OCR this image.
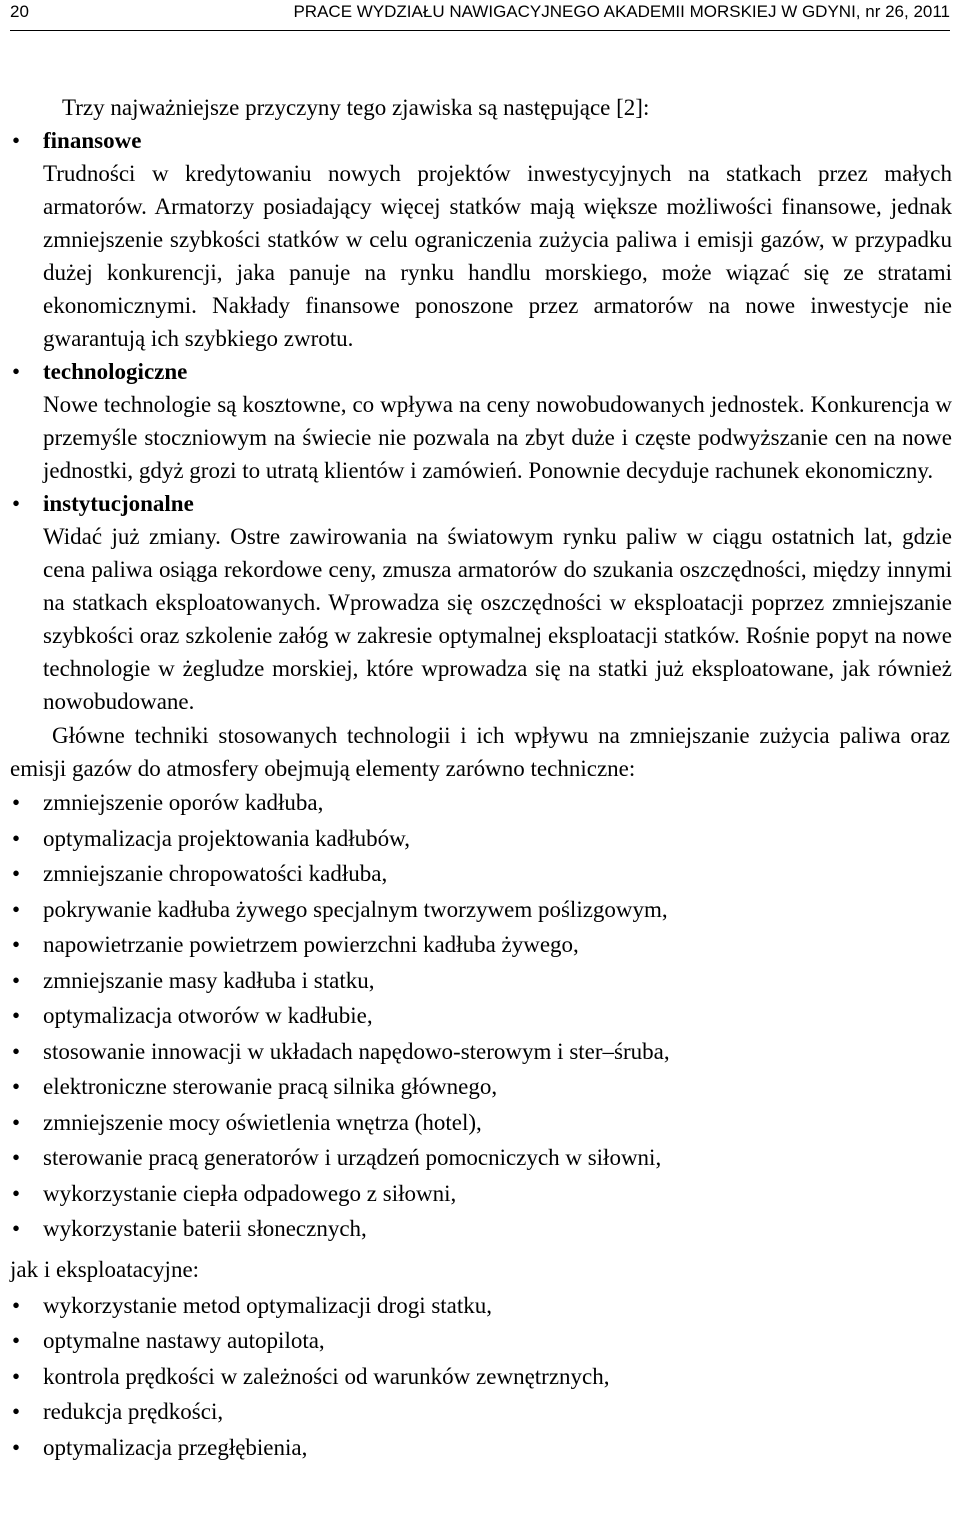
20	PRACE WYDZIAŁU NAWIGACYJNEGO AKADEMII MORSKIEJ W GDYNI, nr 26, 2011

Trzy najważniejsze przyczyny tego zjawiska są następujące [2]:

• finansowe

Trudności w kredytowaniu nowych projektów inwestycyjnych na statkach przez małych armatorów. Armatorzy posiadający więcej statków mają większe możliwości finansowe, jednak zmniejszenie szybkości statków w celu ograniczenia zużycia paliwa i emisji gazów, w przypadku dużej konkurencji, jaka panuje na rynku handlu morskiego, może wiązać się ze stratami ekonomicznymi. Nakłady finansowe ponoszone przez armatorów na nowe inwestycje nie gwarantują ich szybkiego zwrotu.

• technologiczne

Nowe technologie są kosztowne, co wpływa na ceny nowobudowanych jednostek. Konkurencja w przemyśle stoczniowym na świecie nie pozwala na zbyt duże i częste podwyższanie cen na nowe jednostki, gdyż grozi to utratą klientów i zamówień. Ponownie decyduje rachunek ekonomiczny.

• instytucjonalne

Widać już zmiany. Ostre zawirowania na światowym rynku paliw w ciągu ostatnich lat, gdzie cena paliwa osiąga rekordowe ceny, zmusza armatorów do szukania oszczędności, między innymi na statkach eksploatowanych. Wprowadza się oszczędności w eksploatacji poprzez zmniejszanie szybkości oraz szkolenie załóg w zakresie optymalnej eksploatacji statków. Rośnie popyt na nowe technologie w żegludze morskiej, które wprowadza się na statki już eksploatowane, jak również nowobudowane.

Główne techniki stosowanych technologii i ich wpływu na zmniejszanie zużycia paliwa oraz emisji gazów do atmosfery obejmują elementy zarówno techniczne:

• zmniejszenie oporów kadłuba,
• optymalizacja projektowania kadłubów,
• zmniejszanie chropowatości kadłuba,
• pokrywanie kadłuba żywego specjalnym tworzywem poślizgowym,
• napowietrzanie powietrzem powierzchni kadłuba żywego,
• zmniejszanie masy kadłuba i statku,
• optymalizacja otworów w kadłubie,
• stosowanie innowacji w układach napędowo-sterowym i ster–śruba,
• elektroniczne sterowanie pracą silnika głównego,
• zmniejszenie mocy oświetlenia wnętrza (hotel),
• sterowanie pracą generatorów i urządzeń pomocniczych w siłowni,
• wykorzystanie ciepła odpadowego z siłowni,
• wykorzystanie baterii słonecznych,

jak i eksploatacyjne:

• wykorzystanie metod optymalizacji drogi statku,
• optymalne nastawy autopilota,
• kontrola prędkości w zależności od warunków zewnętrznych,
• redukcja prędkości,
• optymalizacja przegłębienia,
